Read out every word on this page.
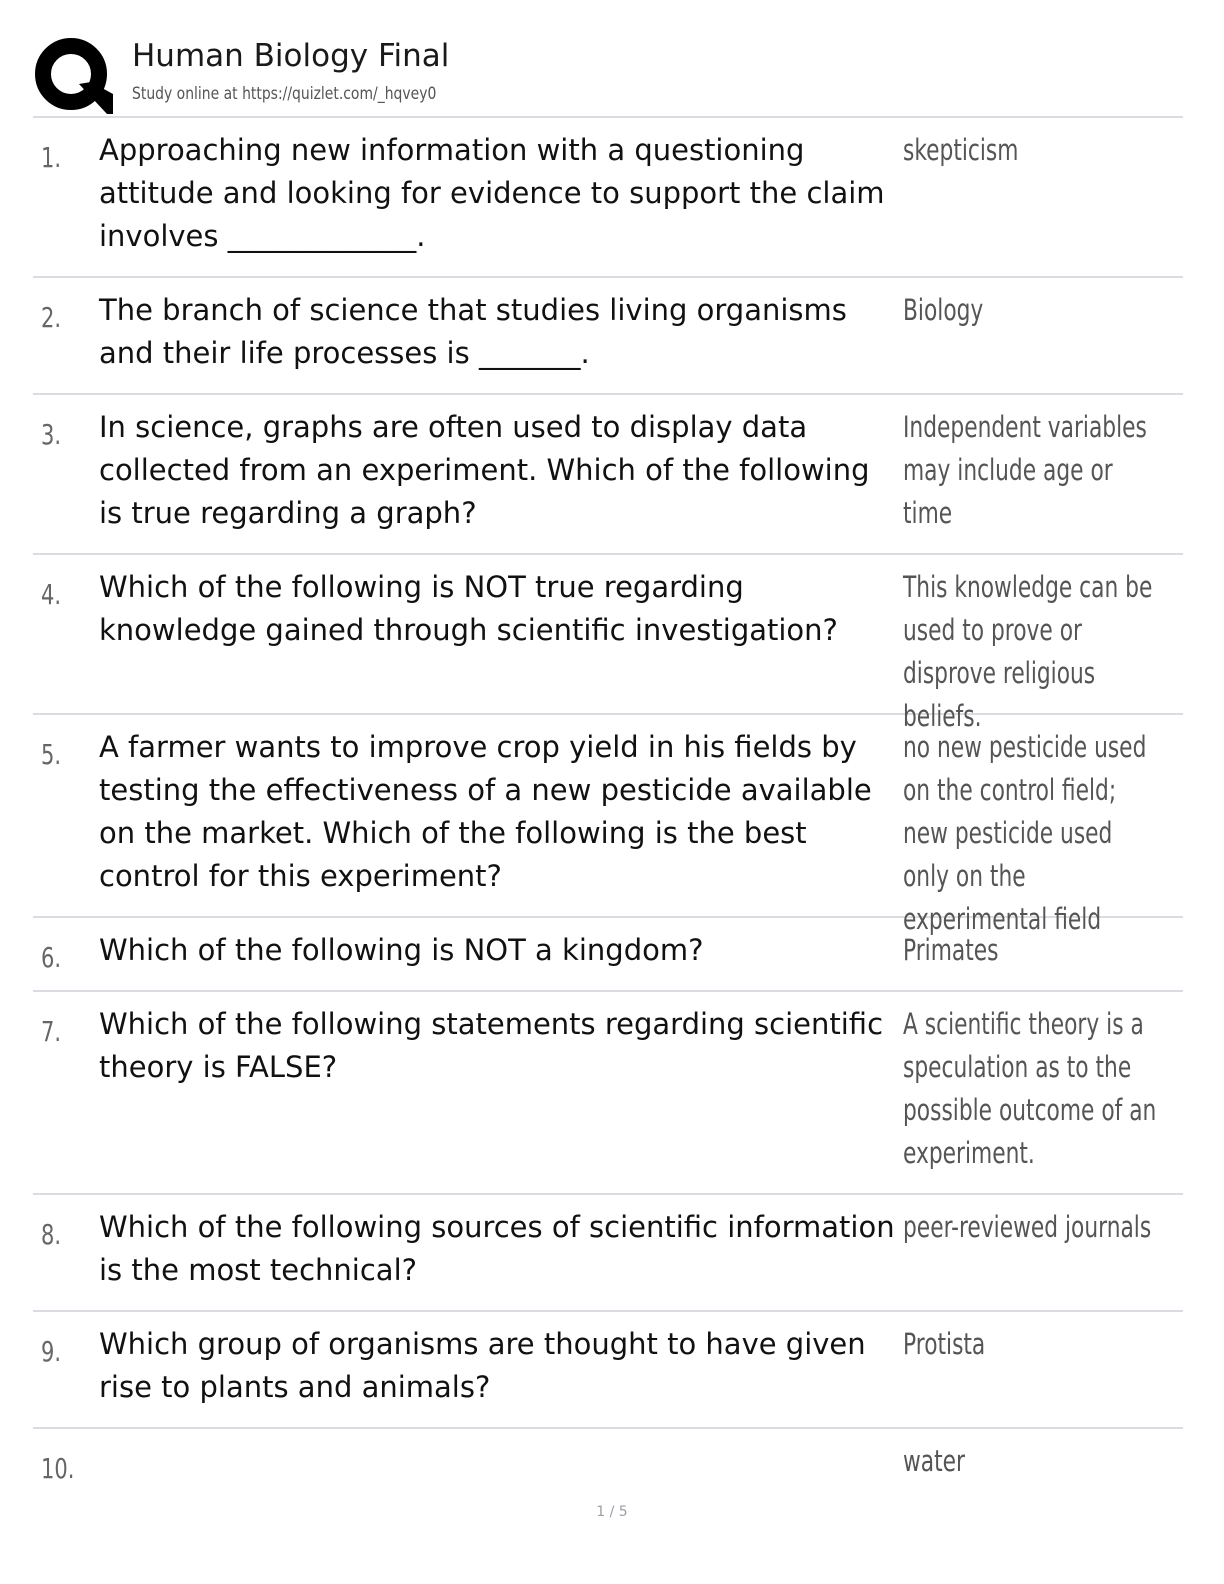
Human Biology Final
Study online at https://quizlet.com/_hqvey0
1. Approaching new information with a questioning attitude and looking for evidence to support the claim involves _____________.
skepticism
2. The branch of science that studies living organisms and their life processes is _______.
Biology
3. In science, graphs are often used to display data collected from an experiment. Which of the following is true regarding a graph?
Independent variables may include age or time
4. Which of the following is NOT true regarding knowledge gained through scientific investigation?
This knowledge can be used to prove or disprove religious beliefs.
5. A farmer wants to improve crop yield in his fields by testing the effectiveness of a new pesticide available on the market. Which of the following is the best control for this experiment?
no new pesticide used on the control field; new pesticide used only on the experimental field
6. Which of the following is NOT a kingdom?	Primates
7. Which of the following statements regarding scientific theory is FALSE?
A scientific theory is a speculation as to the possible outcome of an experiment.
8. Which of the following sources of scientific information is the most technical?
peer-reviewed journals
9. Which group of organisms are thought to have given rise to plants and animals?
Protista
10.	water
1 / 5
